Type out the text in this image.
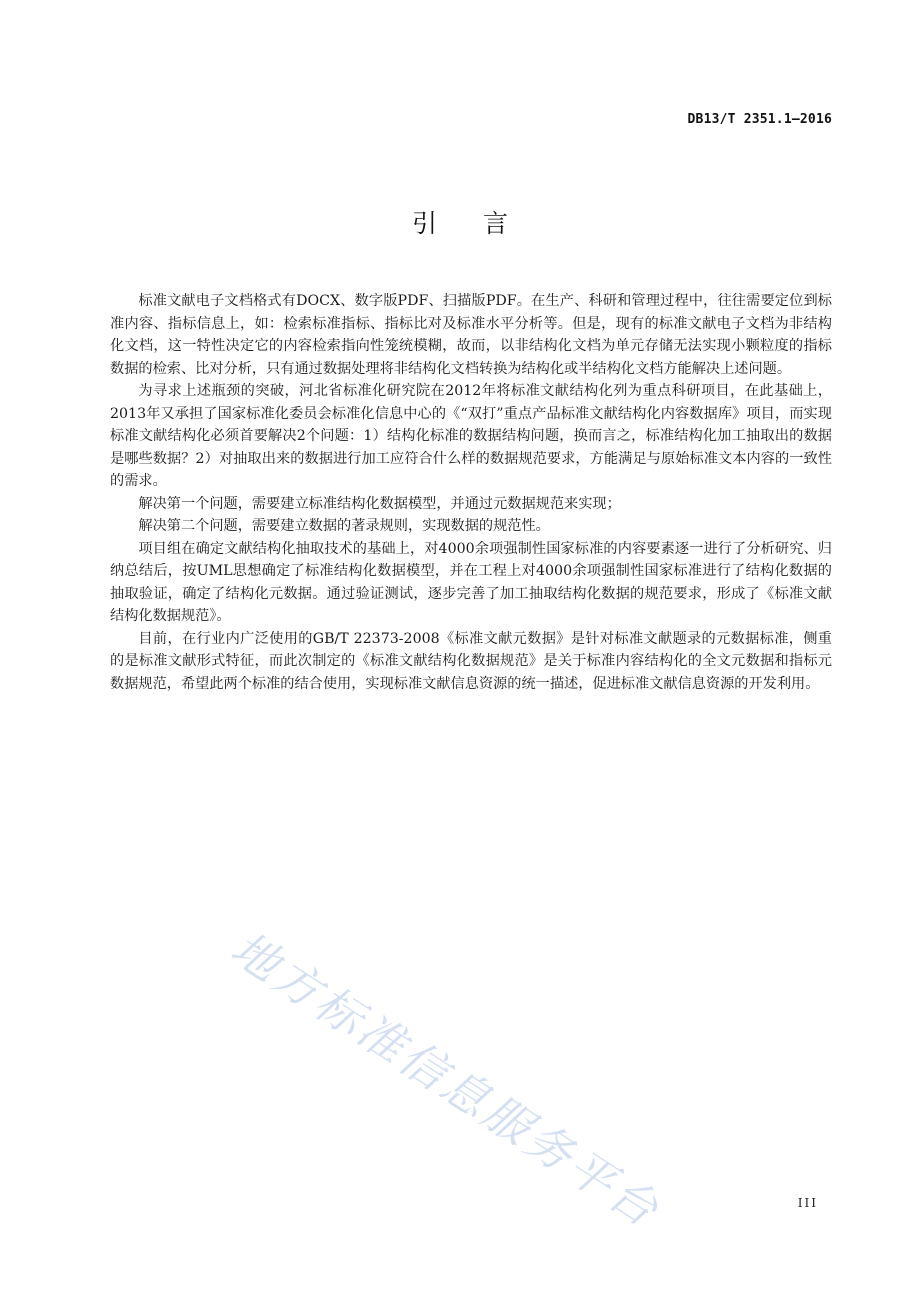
DB13/T 2351.1—2016
引言

标准文献电子文档格式有DOCX、数字版PDF、扫描版PDF。在生产、科研和管理过程中，往往需要定位到标准内容、指标信息上，如：检索标准指标、指标比对及标准水平分析等。但是，现有的标准文献电子文档为非结构化文档，这一特性决定它的内容检索指向性笼统模糊，故而，以非结构化文档为单元存储无法实现小颗粒度的指标数据的检索、比对分析，只有通过数据处理将非结构化文档转换为结构化或半结构化文档方能解决上述问题。

为寻求上述瓶颈的突破，河北省标准化研究院在2012年将标准文献结构化列为重点科研项目，在此基础上，2013年又承担了国家标准化委员会标准化信息中心的《“双打”重点产品标准文献结构化内容数据库》项目，而实现标准文献结构化必须首要解决2个问题：1）结构化标准的数据结构问题，换而言之，标准结构化加工抽取出的数据是哪些数据？2）对抽取出来的数据进行加工应符合什么样的数据规范要求，方能满足与原始标准文本内容的一致性的需求。

解决第一个问题，需要建立标准结构化数据模型，并通过元数据规范来实现；

解决第二个问题，需要建立数据的著录规则，实现数据的规范性。

项目组在确定文献结构化抽取技术的基础上，对4000余项强制性国家标准的内容要素逐一进行了分析研究、归纳总结后，按UML思想确定了标准结构化数据模型，并在工程上对4000余项强制性国家标准进行了结构化数据的抽取验证，确定了结构化元数据。通过验证测试，逐步完善了加工抽取结构化数据的规范要求，形成了《标准文献结构化数据规范》。

目前，在行业内广泛使用的GB/T 22373-2008《标准文献元数据》是针对标准文献题录的元数据标准，侧重的是标准文献形式特征，而此次制定的《标准文献结构化数据规范》是关于标准内容结构化的全文元数据和指标元数据规范，希望此两个标准的结合使用，实现标准文献信息资源的统一描述，促进标准文献信息资源的开发利用。

地方标准信息服务平台	III
